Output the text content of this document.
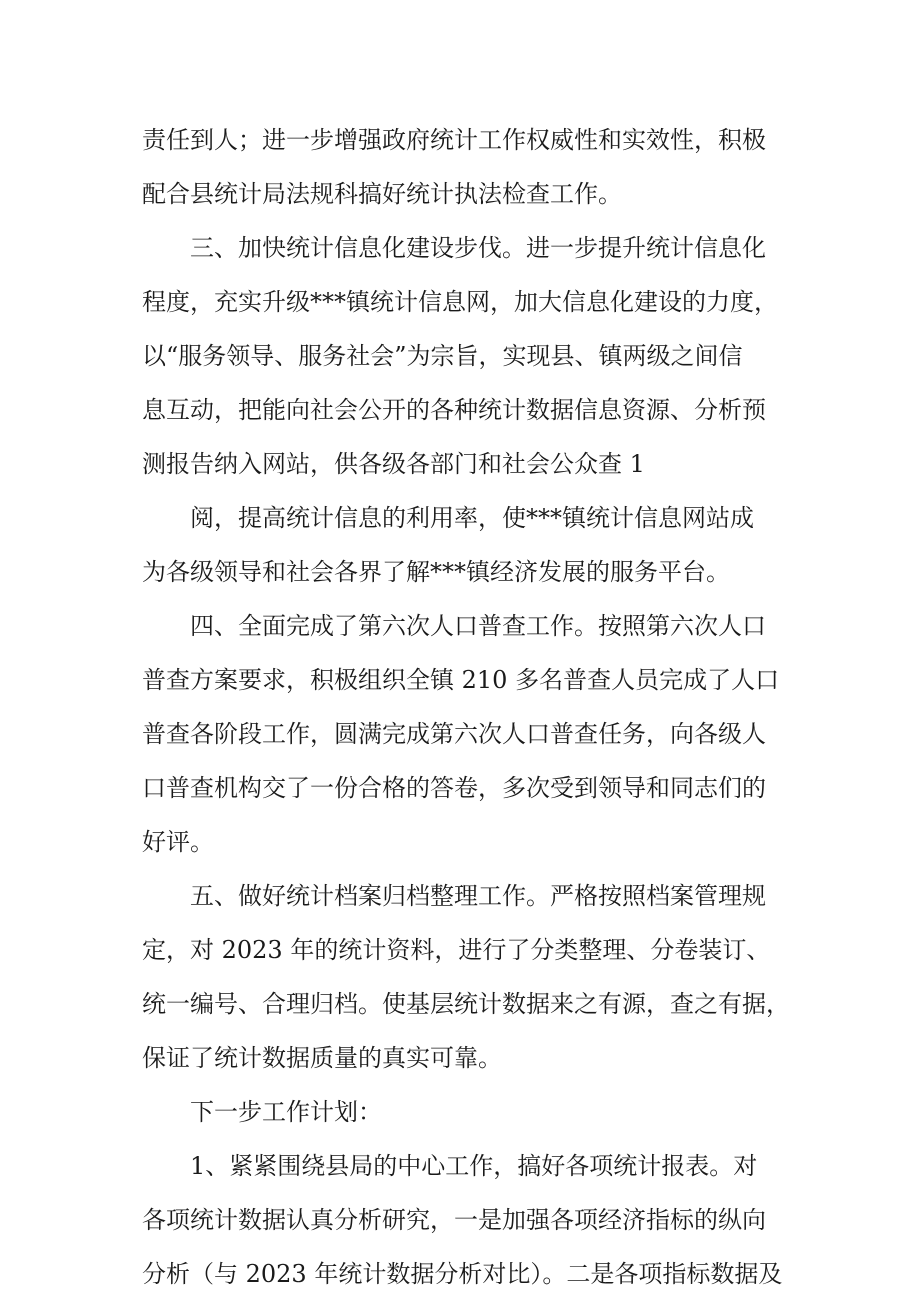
责任到人；进一步增强政府统计工作权威性和实效性，积极
配合县统计局法规科搞好统计执法检查工作。
三、加快统计信息化建设步伐。进一步提升统计信息化
程度，充实升级***镇统计信息网，加大信息化建设的力度，
以“服务领导、服务社会”为宗旨，实现县、镇两级之间信
息互动，把能向社会公开的各种统计数据信息资源、分析预
测报告纳入网站，供各级各部门和社会公众查 1
阅，提高统计信息的利用率，使***镇统计信息网站成
为各级领导和社会各界了解***镇经济发展的服务平台。
四、全面完成了第六次人口普查工作。按照第六次人口
普查方案要求，积极组织全镇 210 多名普查人员完成了人口
普查各阶段工作，圆满完成第六次人口普查任务，向各级人
口普查机构交了一份合格的答卷，多次受到领导和同志们的
好评。
五、做好统计档案归档整理工作。严格按照档案管理规
定，对 2023 年的统计资料，进行了分类整理、分卷装订、
统一编号、合理归档。使基层统计数据来之有源，查之有据，
保证了统计数据质量的真实可靠。
下一步工作计划：
1、紧紧围绕县局的中心工作，搞好各项统计报表。对
各项统计数据认真分析研究，一是加强各项经济指标的纵向
分析（与 2023 年统计数据分析对比）。二是各项指标数据及
